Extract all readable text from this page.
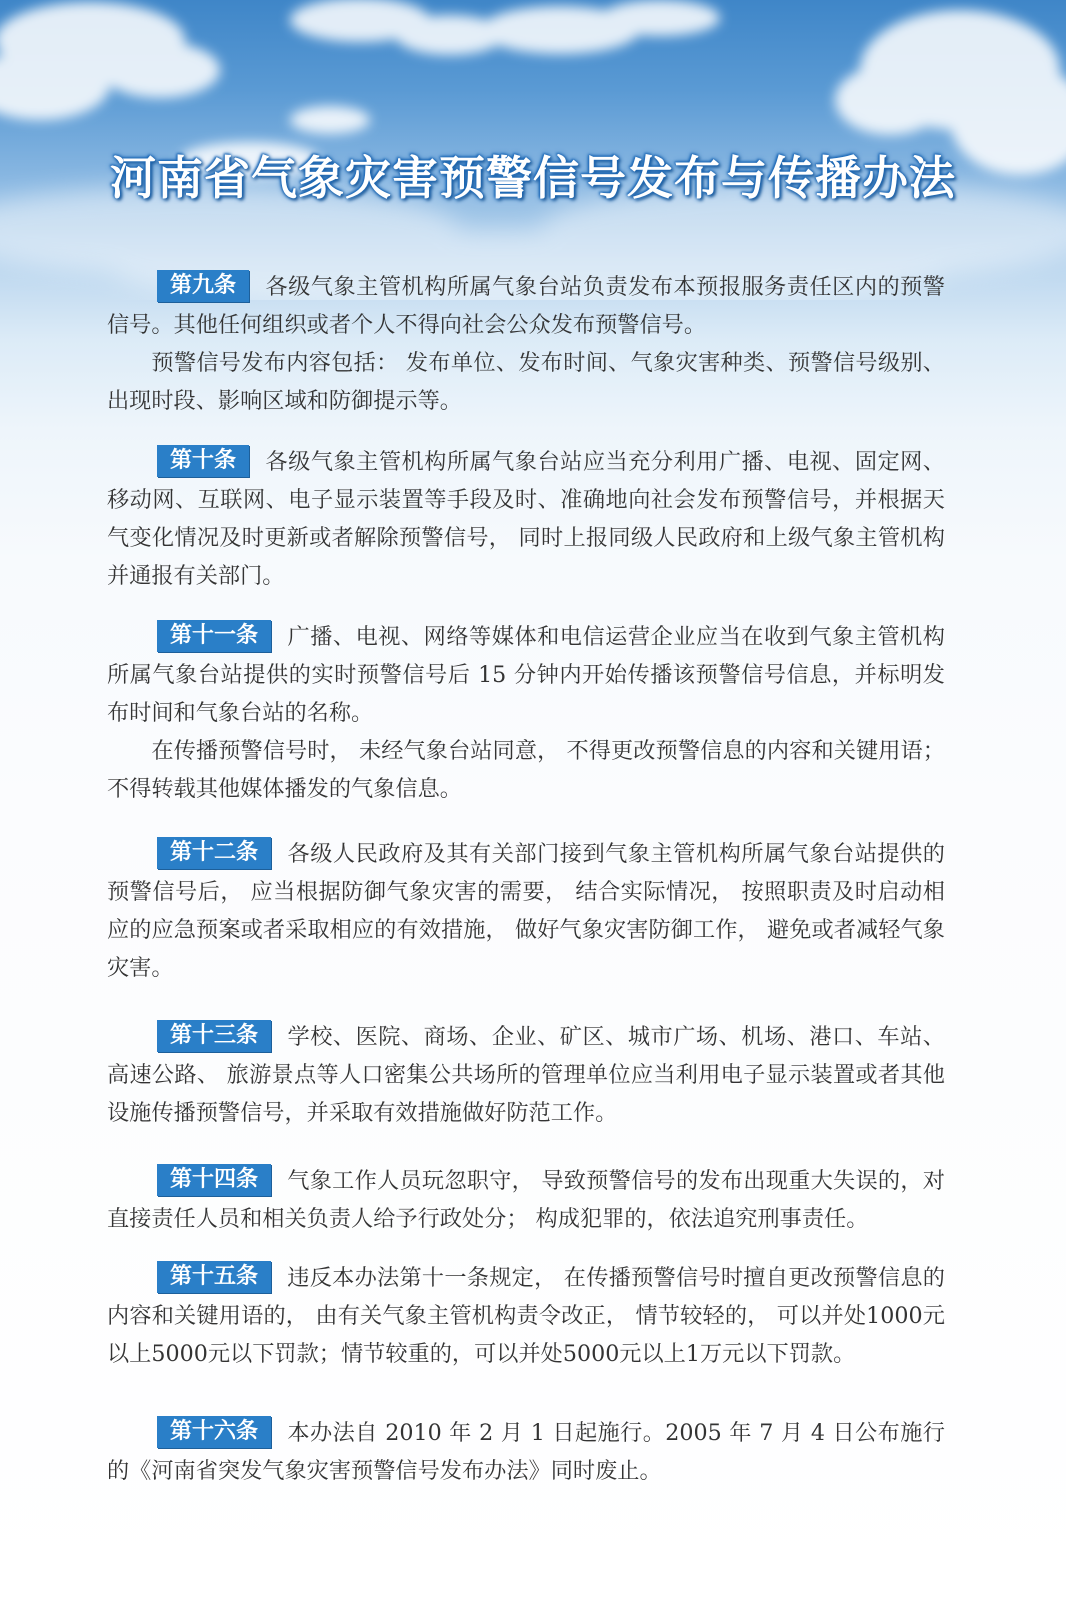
河南省气象灾害预警信号发布与传播办法

第九条 各级气象主管机构所属气象台站负责发布本预报服务责任区内的预警信号。其他任何组织或者个人不得向社会公众发布预警信号。

预警信号发布内容包括： 发布单位、发布时间、气象灾害种类、预警信号级别、出现时段、影响区域和防御提示等。

第十条 各级气象主管机构所属气象台站应当充分利用广播、电视、固定网、移动网、互联网、电子显示装置等手段及时、准确地向社会发布预警信号，并根据天气变化情况及时更新或者解除预警信号， 同时上报同级人民政府和上级气象主管机构并通报有关部门。

第十一条 广播、电视、网络等媒体和电信运营企业应当在收到气象主管机构所属气象台站提供的实时预警信号后 15 分钟内开始传播该预警信号信息，并标明发布时间和气象台站的名称。

在传播预警信号时， 未经气象台站同意， 不得更改预警信息的内容和关键用语； 不得转载其他媒体播发的气象信息。

第十二条 各级人民政府及其有关部门接到气象主管机构所属气象台站提供的预警信号后， 应当根据防御气象灾害的需要， 结合实际情况， 按照职责及时启动相应的应急预案或者采取相应的有效措施， 做好气象灾害防御工作， 避免或者减轻气象灾害。

第十三条 学校、医院、商场、企业、矿区、城市广场、机场、港口、车站、 高速公路、 旅游景点等人口密集公共场所的管理单位应当利用电子显示装置或者其他设施传播预警信号，并采取有效措施做好防范工作。

第十四条 气象工作人员玩忽职守， 导致预警信号的发布出现重大失误的，对直接责任人员和相关负责人给予行政处分； 构成犯罪的，依法追究刑事责任。

第十五条 违反本办法第十一条规定， 在传播预警信号时擅自更改预警信息的内容和关键用语的， 由有关气象主管机构责令改正， 情节较轻的， 可以并处1000元以上5000元以下罚款；情节较重的，可以并处5000元以上1万元以下罚款。

第十六条 本办法自 2010 年 2 月 1 日起施行。2005 年 7 月 4 日公布施行的《河南省突发气象灾害预警信号发布办法》同时废止。
